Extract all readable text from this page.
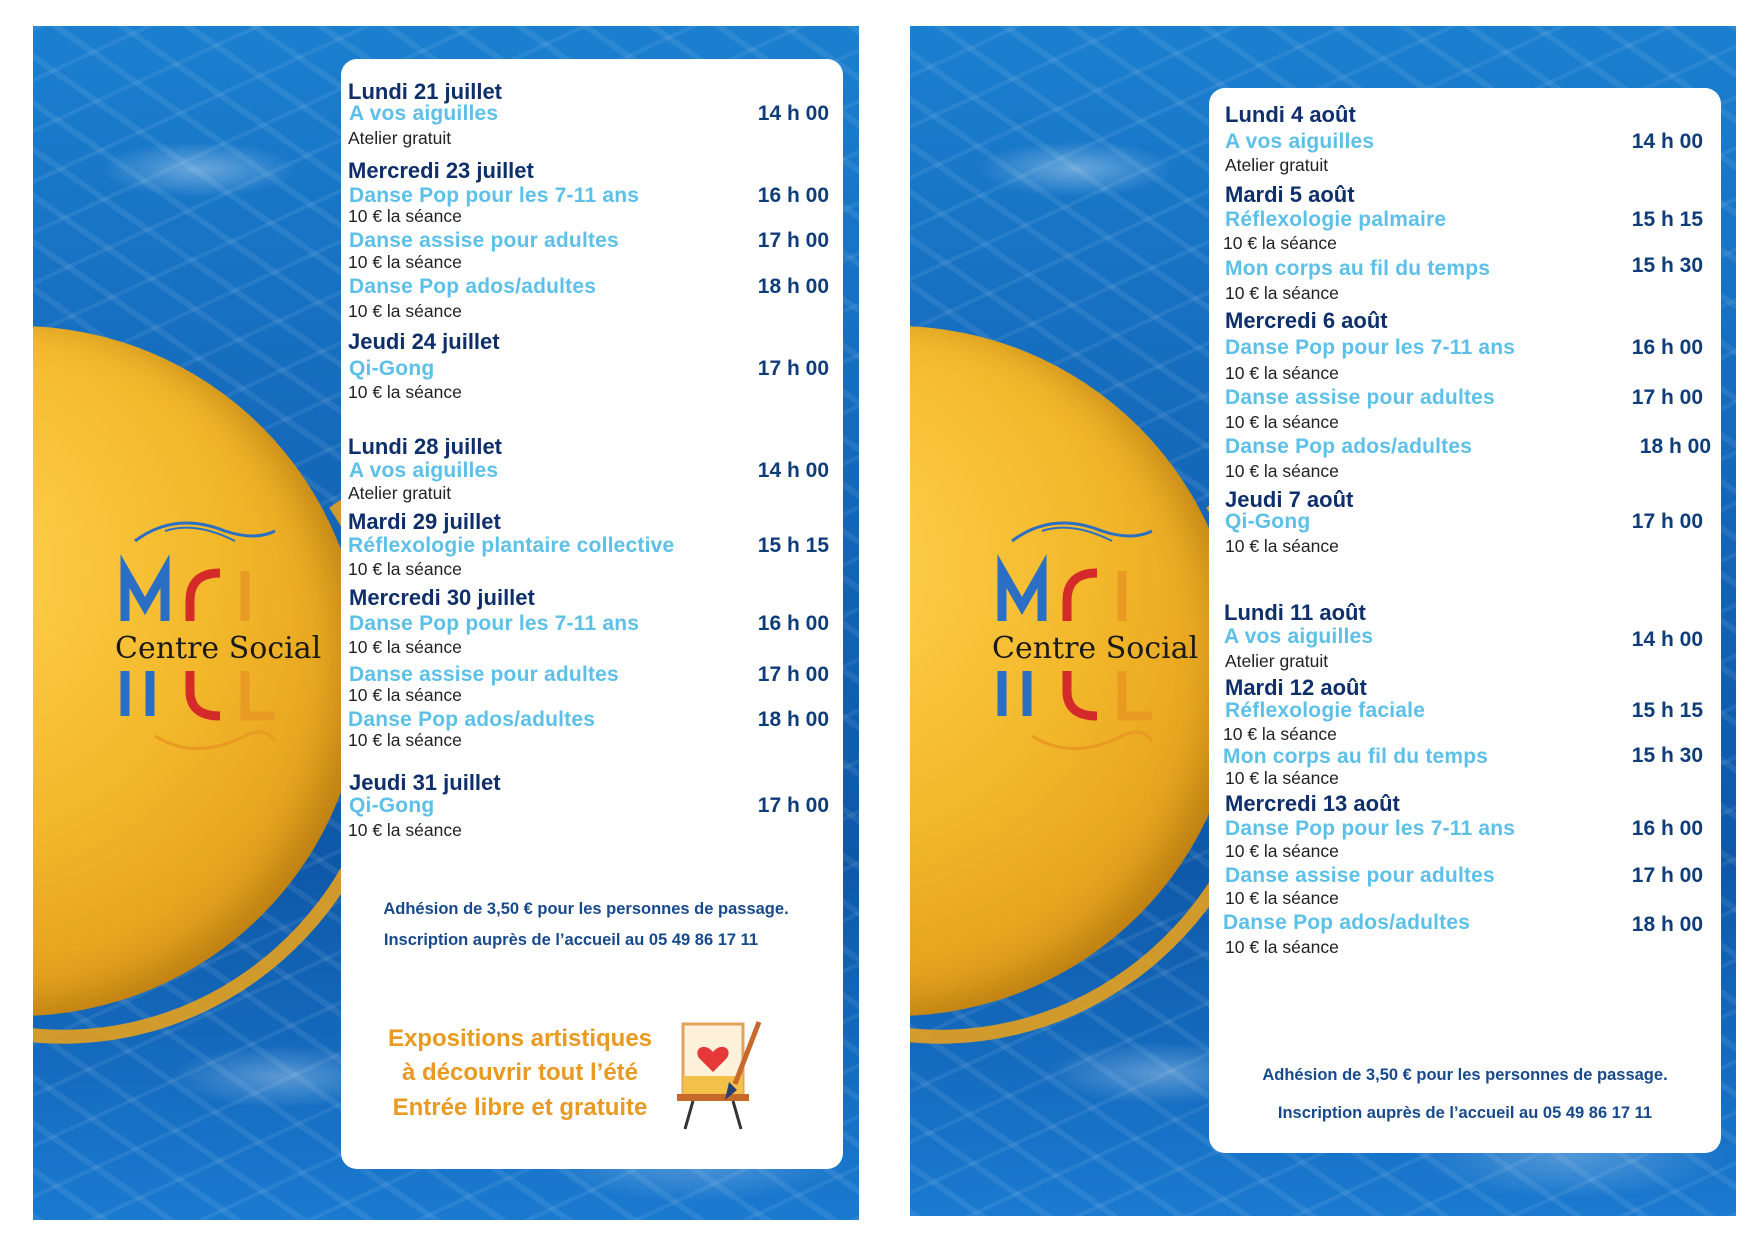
Centre Social
Lundi 21 juillet
A vos aiguilles	14 h 00
Atelier gratuit
Mercredi 23 juillet
Danse Pop pour les 7-11 ans	16 h 00
10 € la séance
Danse assise pour adultes	17 h 00
10 € la séance
Danse Pop ados/adultes	18 h 00
10 € la séance
Jeudi 24 juillet
Qi-Gong	17 h 00
10 € la séance
Lundi 28 juillet
A vos aiguilles	14 h 00
Atelier gratuit
Mardi 29 juillet
Réflexologie plantaire collective	15 h 15
10 € la séance
Mercredi 30 juillet
Danse Pop pour les 7-11 ans	16 h 00
10 € la séance
Danse assise pour adultes	17 h 00
10 € la séance
Danse Pop ados/adultes	18 h 00
10 € la séance
Jeudi 31 juillet
Qi-Gong	17 h 00
10 € la séance
Adhésion de 3,50 € pour les personnes de passage.
Inscription auprès de l’accueil au 05 49 86 17 11
Expositions artistiques
à découvrir tout l’été
Entrée libre et gratuite
Centre Social
Lundi 4 août
A vos aiguilles	14 h 00
Atelier gratuit
Mardi 5 août
Réflexologie palmaire	15 h 15
10 € la séance
Mon corps au fil du temps	15 h 30
10 € la séance
Mercredi 6 août
Danse Pop pour les 7-11 ans	16 h 00
10 € la séance
Danse assise pour adultes	17 h 00
10 € la séance
Danse Pop ados/adultes	18 h 00
10 € la séance
Jeudi 7 août
Qi-Gong	17 h 00
10 € la séance
Lundi 11 août
A vos aiguilles	14 h 00
Atelier gratuit
Mardi 12 août
Réflexologie faciale	15 h 15
10 € la séance
Mon corps au fil du temps	15 h 30
10 € la séance
Mercredi 13 août
Danse Pop pour les 7-11 ans	16 h 00
10 € la séance
Danse assise pour adultes	17 h 00
10 € la séance
Danse Pop ados/adultes	18 h 00
10 € la séance
Adhésion de 3,50 € pour les personnes de passage.
Inscription auprès de l’accueil au 05 49 86 17 11
